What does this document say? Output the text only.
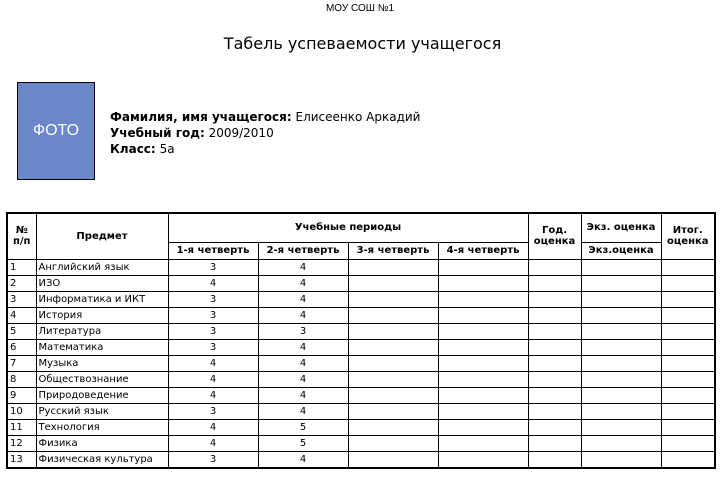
МОУ СОШ №1
Табель успеваемости учащегося
ФОТО
Фамилия, имя учащегося: Елисеенко Аркадий
Учебный год: 2009/2010
Класс: 5а
№ п/п	Предмет	Учебные периоды				Год. оценка	Экз. оценка	Итог. оценка
		1-я четверть	2-я четверть	3-я четверть	4-я четверть		Экз.оценка	
1	Английский язык	3	4					
2	ИЗО	4	4					
3	Информатика и ИКТ	3	4					
4	История	3	4					
5	Литература	3	3					
6	Математика	3	4					
7	Музыка	4	4					
8	Обществознание	4	4					
9	Природоведение	4	4					
10	Русский язык	3	4					
11	Технология	4	5					
12	Физика	4	5					
13	Физическая культура	3	4					
